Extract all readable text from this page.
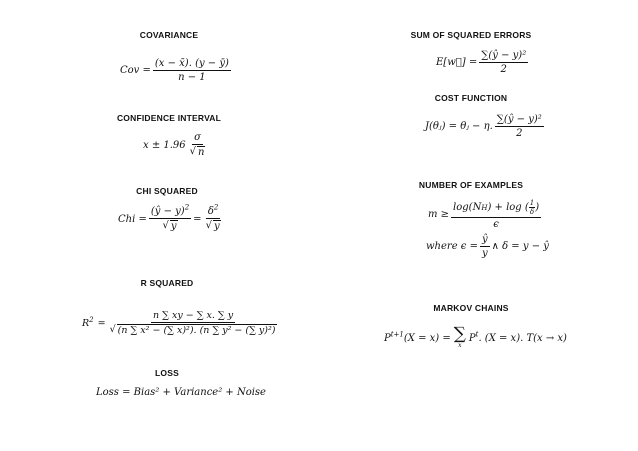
COVARIANCE
Cov = $\frac{(x - x̄). (y - ȳ)}{n - 1}$
CONFIDENCE INTERVAL
x ± 1.96
σ
√ n
CHI SQUARED
Chi = $\frac{(ŷ - y)^2}{√ y} = \frac{\delta^2}{√ y}$
R SQUARED
$R^2 = \frac{n \sum xy - \sum x. \sum y}{\text{√ (n ∑ x² − (∑ x)²). (n ∑ y² − (∑ y)²)}}$
LOSS
Loss = Bias² + Variance² + Noise
SUM OF SQUARED ERRORS
E[w⃗] = $\frac{\text{∑(ŷ − y)²}}{2}$
COST FUNCTION
J(θⱼ) = θⱼ − η. $\frac{\text{∑(ŷ − y)²}}{2}$
NUMBER OF EXAMPLES
m ≥ log(N H ) + log ( 1
δ )
ϵ
where $\epsilon = \frac{ŷ}{y}$ ∧ δ = y − ŷ
MARKOV CHAINS
$P^{t+1}$ (X = x) = ∑
x
$P^t$ . (X = x). T(x → x)
